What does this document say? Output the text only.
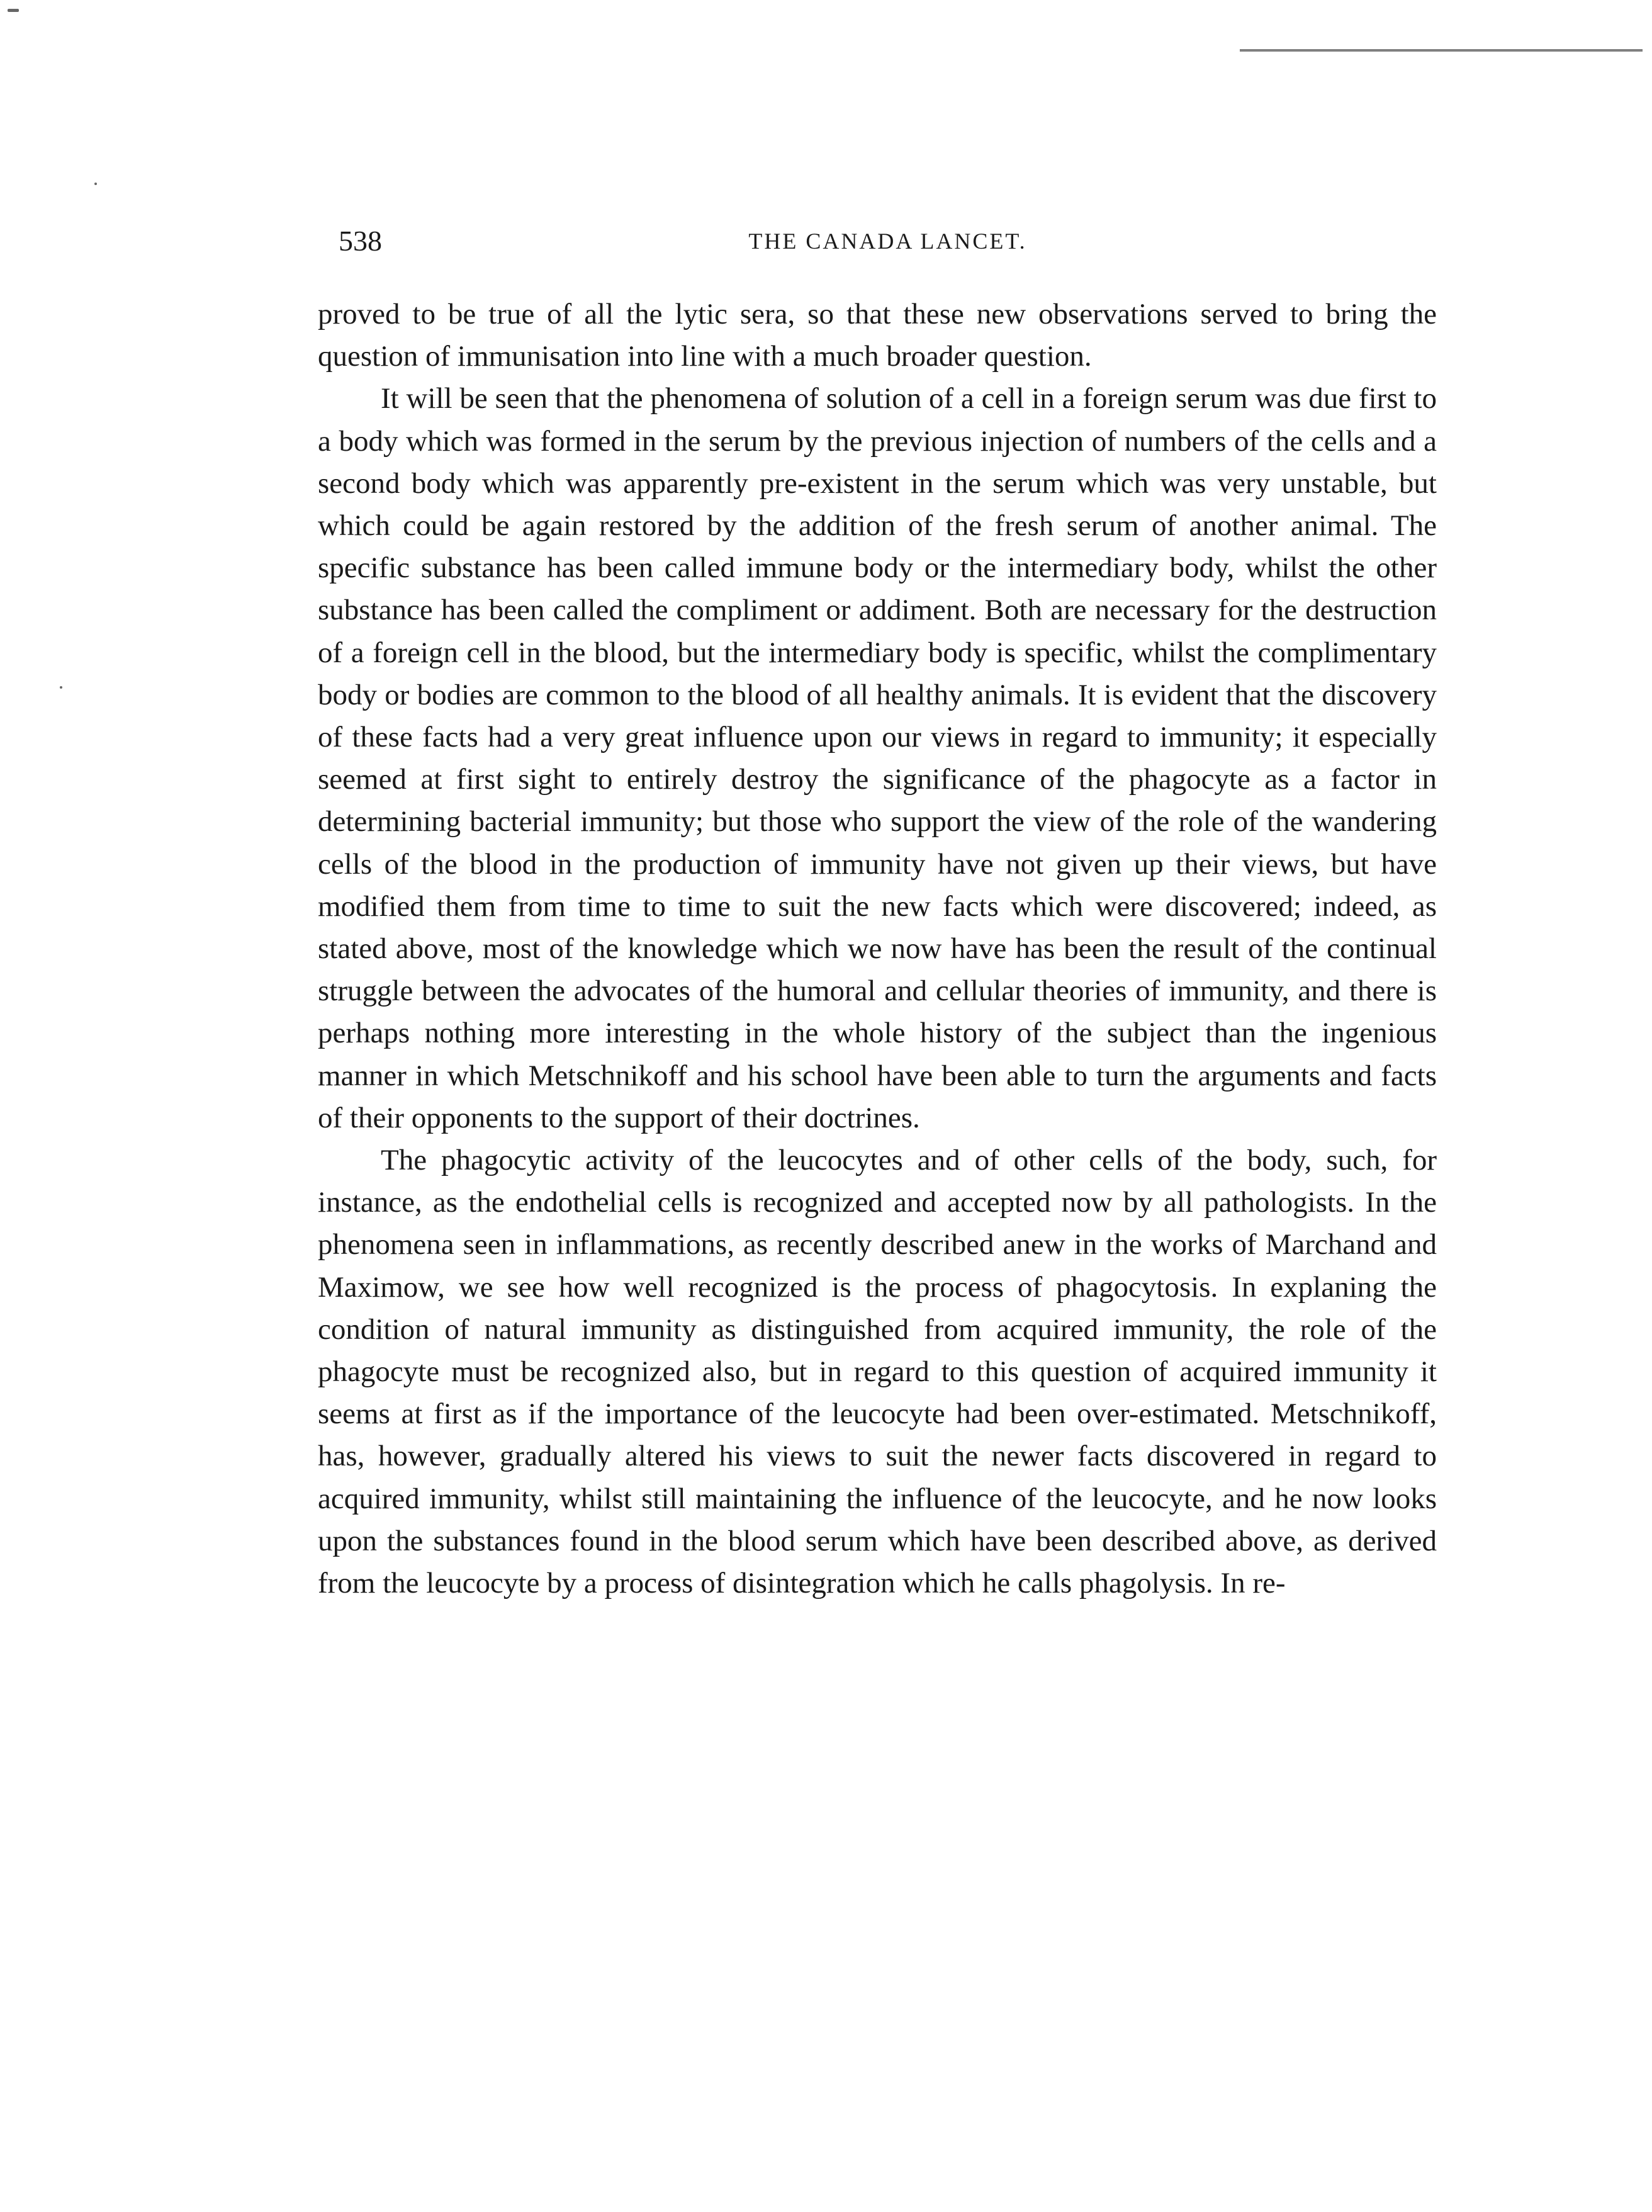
538	THE CANADA LANCET.

proved to be true of all the lytic sera, so that these new observations served to bring the question of immunisation into line with a much broader question.

It will be seen that the phenomena of solution of a cell in a foreign serum was due first to a body which was formed in the serum by the previous injection of numbers of the cells and a second body which was apparently pre-existent in the serum which was very unstable, but which could be again restored by the addition of the fresh serum of another animal. The specific substance has been called immune body or the intermediary body, whilst the other substance has been called the compliment or addiment. Both are necessary for the destruction of a foreign cell in the blood, but the intermediary body is specific, whilst the complimentary body or bodies are common to the blood of all healthy animals. It is evident that the discovery of these facts had a very great influence upon our views in regard to immunity; it especially seemed at first sight to entirely destroy the significance of the phagocyte as a factor in determining bacterial immunity; but those who support the view of the role of the wandering cells of the blood in the production of immunity have not given up their views, but have modified them from time to time to suit the new facts which were discovered; indeed, as stated above, most of the knowledge which we now have has been the result of the continual struggle between the advocates of the humoral and cellular theories of immunity, and there is perhaps nothing more interesting in the whole history of the subject than the ingenious manner in which Metschnikoff and his school have been able to turn the arguments and facts of their opponents to the support of their doctrines.

The phagocytic activity of the leucocytes and of other cells of the body, such, for instance, as the endothelial cells is recognized and accepted now by all pathologists. In the phenomena seen in inflammations, as recently described anew in the works of Marchand and Maximow, we see how well recognized is the process of phagocytosis. In explaning the condition of natural immunity as distinguished from acquired immunity, the role of the phagocyte must be recognized also, but in regard to this question of acquired immunity it seems at first as if the importance of the leucocyte had been over-estimated. Metschnikoff, has, however, gradually altered his views to suit the newer facts discovered in regard to acquired immunity, whilst still maintaining the influence of the leucocyte, and he now looks upon the substances found in the blood serum which have been described above, as derived from the leucocyte by a process of disintegration which he calls phagolysis. In re-
